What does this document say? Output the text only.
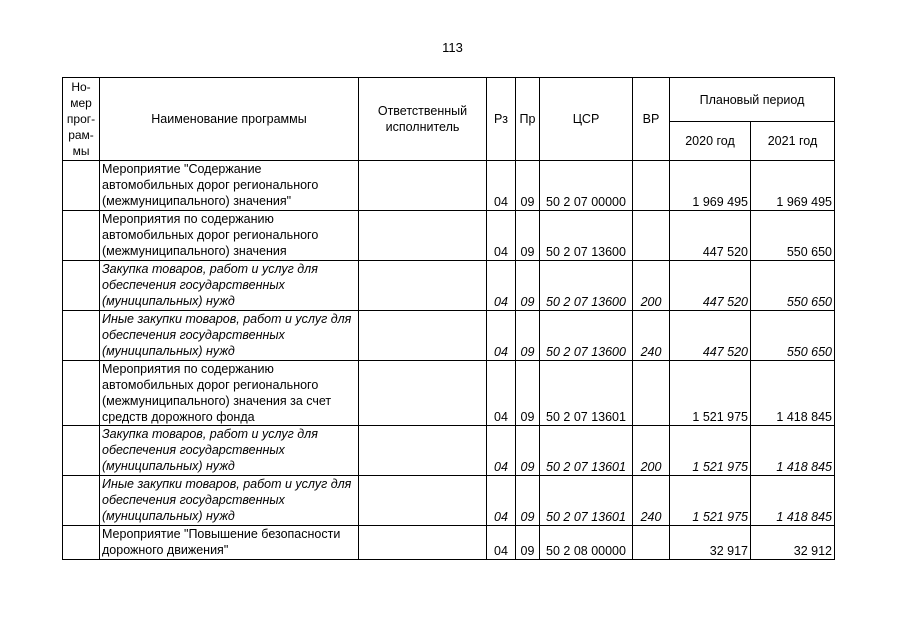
113
Но-
мер
прог-
рам-
мы	Наименование программы	Ответственный исполнитель	Рз	Пр	ЦСР	ВР	Плановый период	
							2020 год	2021 год
	Мероприятие "Содержание автомобильных дорог регионального (межмуниципального) значения"		04	09	50 2 07 00000		1 969 495	1 969 495
	Мероприятия по содержанию автомобильных дорог регионального (межмуниципального) значения		04	09	50 2 07 13600		447 520	550 650
	Закупка товаров, работ и услуг для обеспечения государственных (муниципальных) нужд		04	09	50 2 07 13600	200	447 520	550 650
	Иные закупки товаров, работ и услуг для обеспечения государственных (муниципальных) нужд		04	09	50 2 07 13600	240	447 520	550 650
	Мероприятия по содержанию автомобильных дорог регионального (межмуниципального) значения за счет средств дорожного фонда		04	09	50 2 07 13601		1 521 975	1 418 845
	Закупка товаров, работ и услуг для обеспечения государственных (муниципальных) нужд		04	09	50 2 07 13601	200	1 521 975	1 418 845
	Иные закупки товаров, работ и услуг для обеспечения государственных (муниципальных) нужд		04	09	50 2 07 13601	240	1 521 975	1 418 845
	Мероприятие "Повышение безопасности дорожного движения"		04	09	50 2 08 00000		32 917	32 912
